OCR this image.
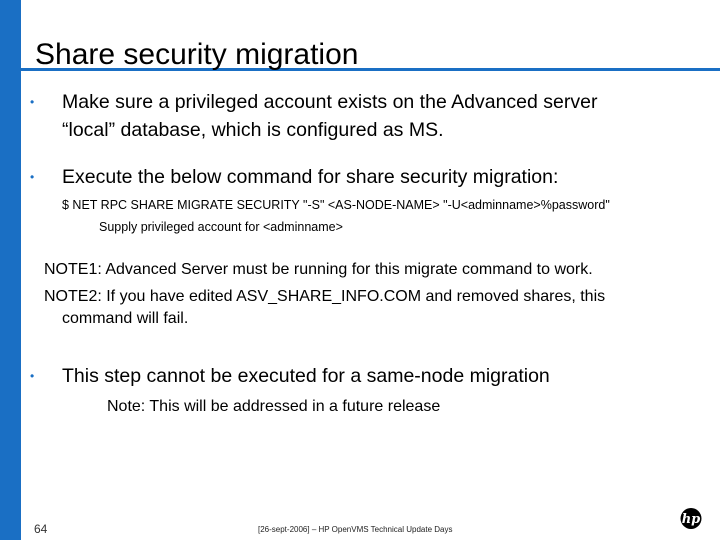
Share security migration
• Make sure a privileged account exists on the Advanced server
“local” database, which is configured as MS.
• Execute the below command for share security migration:
$ NET RPC SHARE MIGRATE SECURITY "-S" <AS-NODE-NAME> "-U<adminname>%password"
Supply privileged account for <adminname>
NOTE1: Advanced Server must be running for this migrate command to work.
NOTE2: If you have edited ASV_SHARE_INFO.COM and removed shares, this
command will fail.
• This step cannot be executed for a same-node migration
Note: This will be addressed in a future release
64	[26-sept-2006] – HP OpenVMS Technical Update Days
hp
